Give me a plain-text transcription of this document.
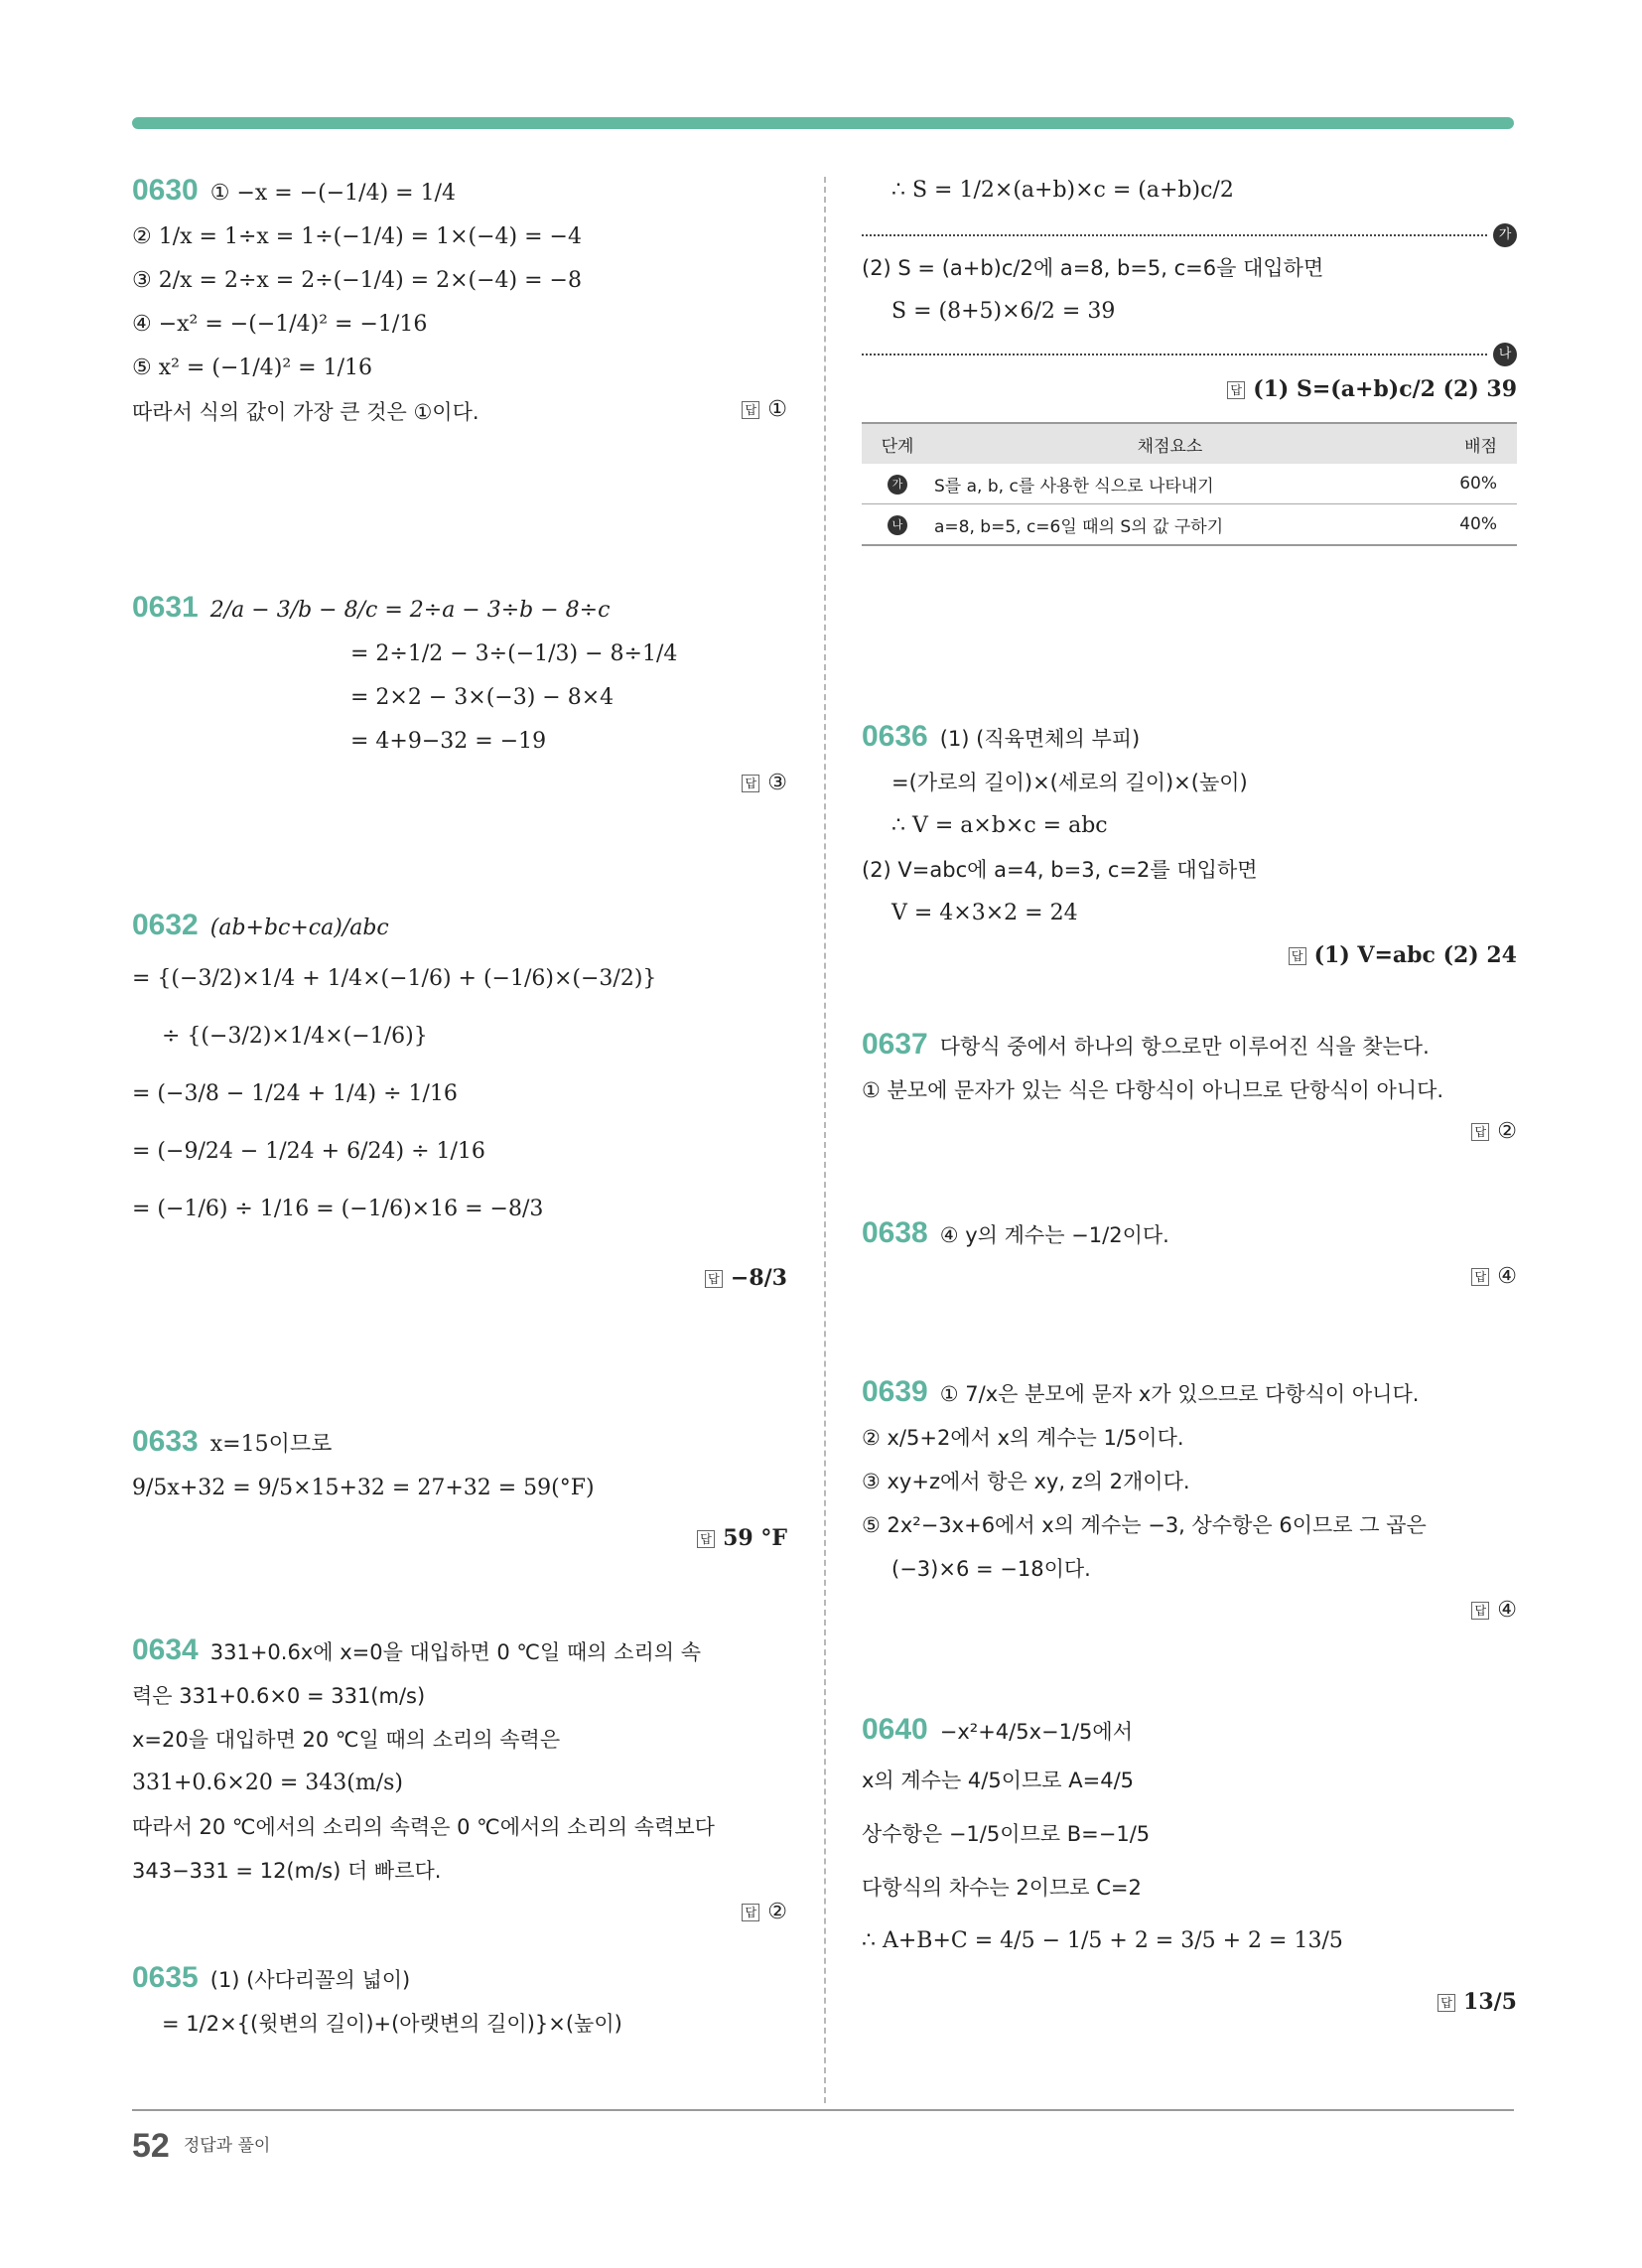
0630 ① −x = −(−1/4) = 1/4
② 1/x = 1÷x = 1÷(−1/4) = 1×(−4) = −4
③ 2/x = 2÷x = 2÷(−1/4) = 2×(−4) = −8
④ −x² = −(−1/4)² = −1/16
⑤ x² = (−1/4)² = 1/16
따라서 식의 값이 가장 큰 것은 ①이다.	답 ①
0631 2/a − 3/b − 8/c = 2÷a − 3÷b − 8÷c
= 2÷1/2 − 3÷(−1/3) − 8÷1/4
= 2×2 − 3×(−3) − 8×4
= 4+9−32 = −19
답 ③
0632 (ab+bc+ca)/abc
= {(−3/2)×1/4 + 1/4×(−1/6) + (−1/6)×(−3/2)}
÷ {(−3/2)×1/4×(−1/6)}
= (−3/8 − 1/24 + 1/4) ÷ 1/16
= (−9/24 − 1/24 + 6/24) ÷ 1/16
= (−1/6) ÷ 1/16 = (−1/6)×16 = −8/3
답 −8/3
0633 x=15이므로
9/5x+32 = 9/5×15+32 = 27+32 = 59(°F)
답 59 °F
0634 331+0.6x에 x=0을 대입하면 0 ℃일 때의 소리의 속
력은 331+0.6×0 = 331(m/s)
x=20을 대입하면 20 ℃일 때의 소리의 속력은
331+0.6×20 = 343(m/s)
따라서 20 ℃에서의 소리의 속력은 0 ℃에서의 소리의 속력보다
343−331 = 12(m/s) 더 빠르다.
답 ②
0635 (1) (사다리꼴의 넓이)
= 1/2×{(윗변의 길이)+(아랫변의 길이)}×(높이)
∴ S = 1/2×(a+b)×c = (a+b)c/2
가
(2) S = (a+b)c/2에 a=8, b=5, c=6을 대입하면
S = (8+5)×6/2 = 39
나
답 (1) S=(a+b)c/2 (2) 39
단계	채점요소	배점
가	S를 a, b, c를 사용한 식으로 나타내기	60%
나	a=8, b=5, c=6일 때의 S의 값 구하기	40%
0636 (1) (직육면체의 부피)
=(가로의 길이)×(세로의 길이)×(높이)
∴ V = a×b×c = abc
(2) V=abc에 a=4, b=3, c=2를 대입하면
V = 4×3×2 = 24
답 (1) V=abc (2) 24
0637 다항식 중에서 하나의 항으로만 이루어진 식을 찾는다.
① 분모에 문자가 있는 식은 다항식이 아니므로 단항식이 아니다.
답 ②
0638 ④ y의 계수는 −1/2이다.
답 ④
0639 ① 7/x은 분모에 문자 x가 있으므로 다항식이 아니다.
② x/5+2에서 x의 계수는 1/5이다.
③ xy+z에서 항은 xy, z의 2개이다.
⑤ 2x²−3x+6에서 x의 계수는 −3, 상수항은 6이므로 그 곱은
(−3)×6 = −18이다.
답 ④
0640 −x²+4/5x−1/5에서
x의 계수는 4/5이므로 A=4/5
상수항은 −1/5이므로 B=−1/5
다항식의 차수는 2이므로 C=2
∴ A+B+C = 4/5 − 1/5 + 2 = 3/5 + 2 = 13/5
답 13/5
52 정답과 풀이
